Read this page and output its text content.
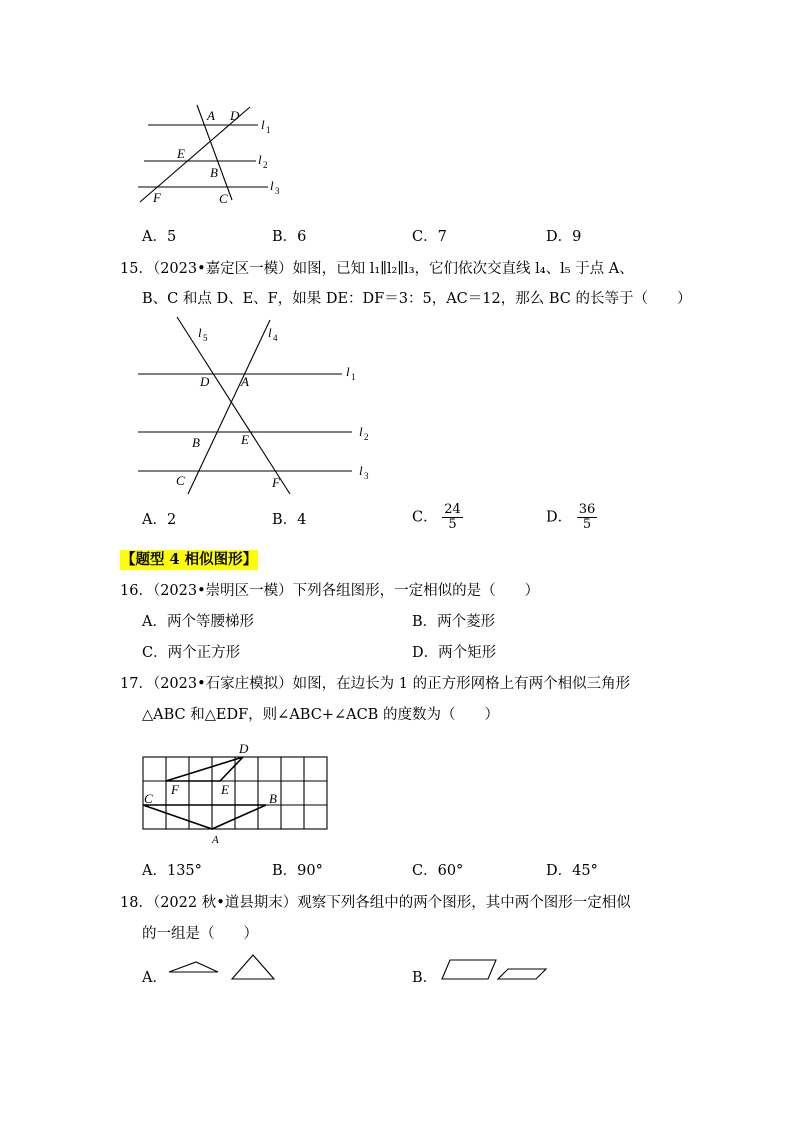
A D
l 1
E	l 2
B
l 3
F	C
A．5	B．6	C．7	D．9
15．（2023•嘉定区一模）如图，已知 l₁∥l₂∥l₃，它们依次交直线 l₄、l₅ 于点 A、
B、C 和点 D、E、F，如果 DE：DF＝3：5，AC＝12，那么 BC 的长等于（　　）
l 5	l 4
l 1
D A
l 2
B	E
l 3
C	F
A．2	B．4	C． $\frac{24}{5}$	D． $\frac{36}{5}$
【题型 4 相似图形】
16．（2023•崇明区一模）下列各组图形，一定相似的是（　　）
A．两个等腰梯形	B．两个菱形
C．两个正方形	D．两个矩形
17．（2023•石家庄模拟）如图，在边长为 1 的正方形网格上有两个相似三角形
△ABC 和△EDF，则∠ABC+∠ACB 的度数为（　　）
D
F	E
C	B
A
A．135°	B．90°	C．60°	D．45°
18．（2022 秋•道县期末）观察下列各组中的两个图形，其中两个图形一定相似
的一组是（　　）
A．	B．
